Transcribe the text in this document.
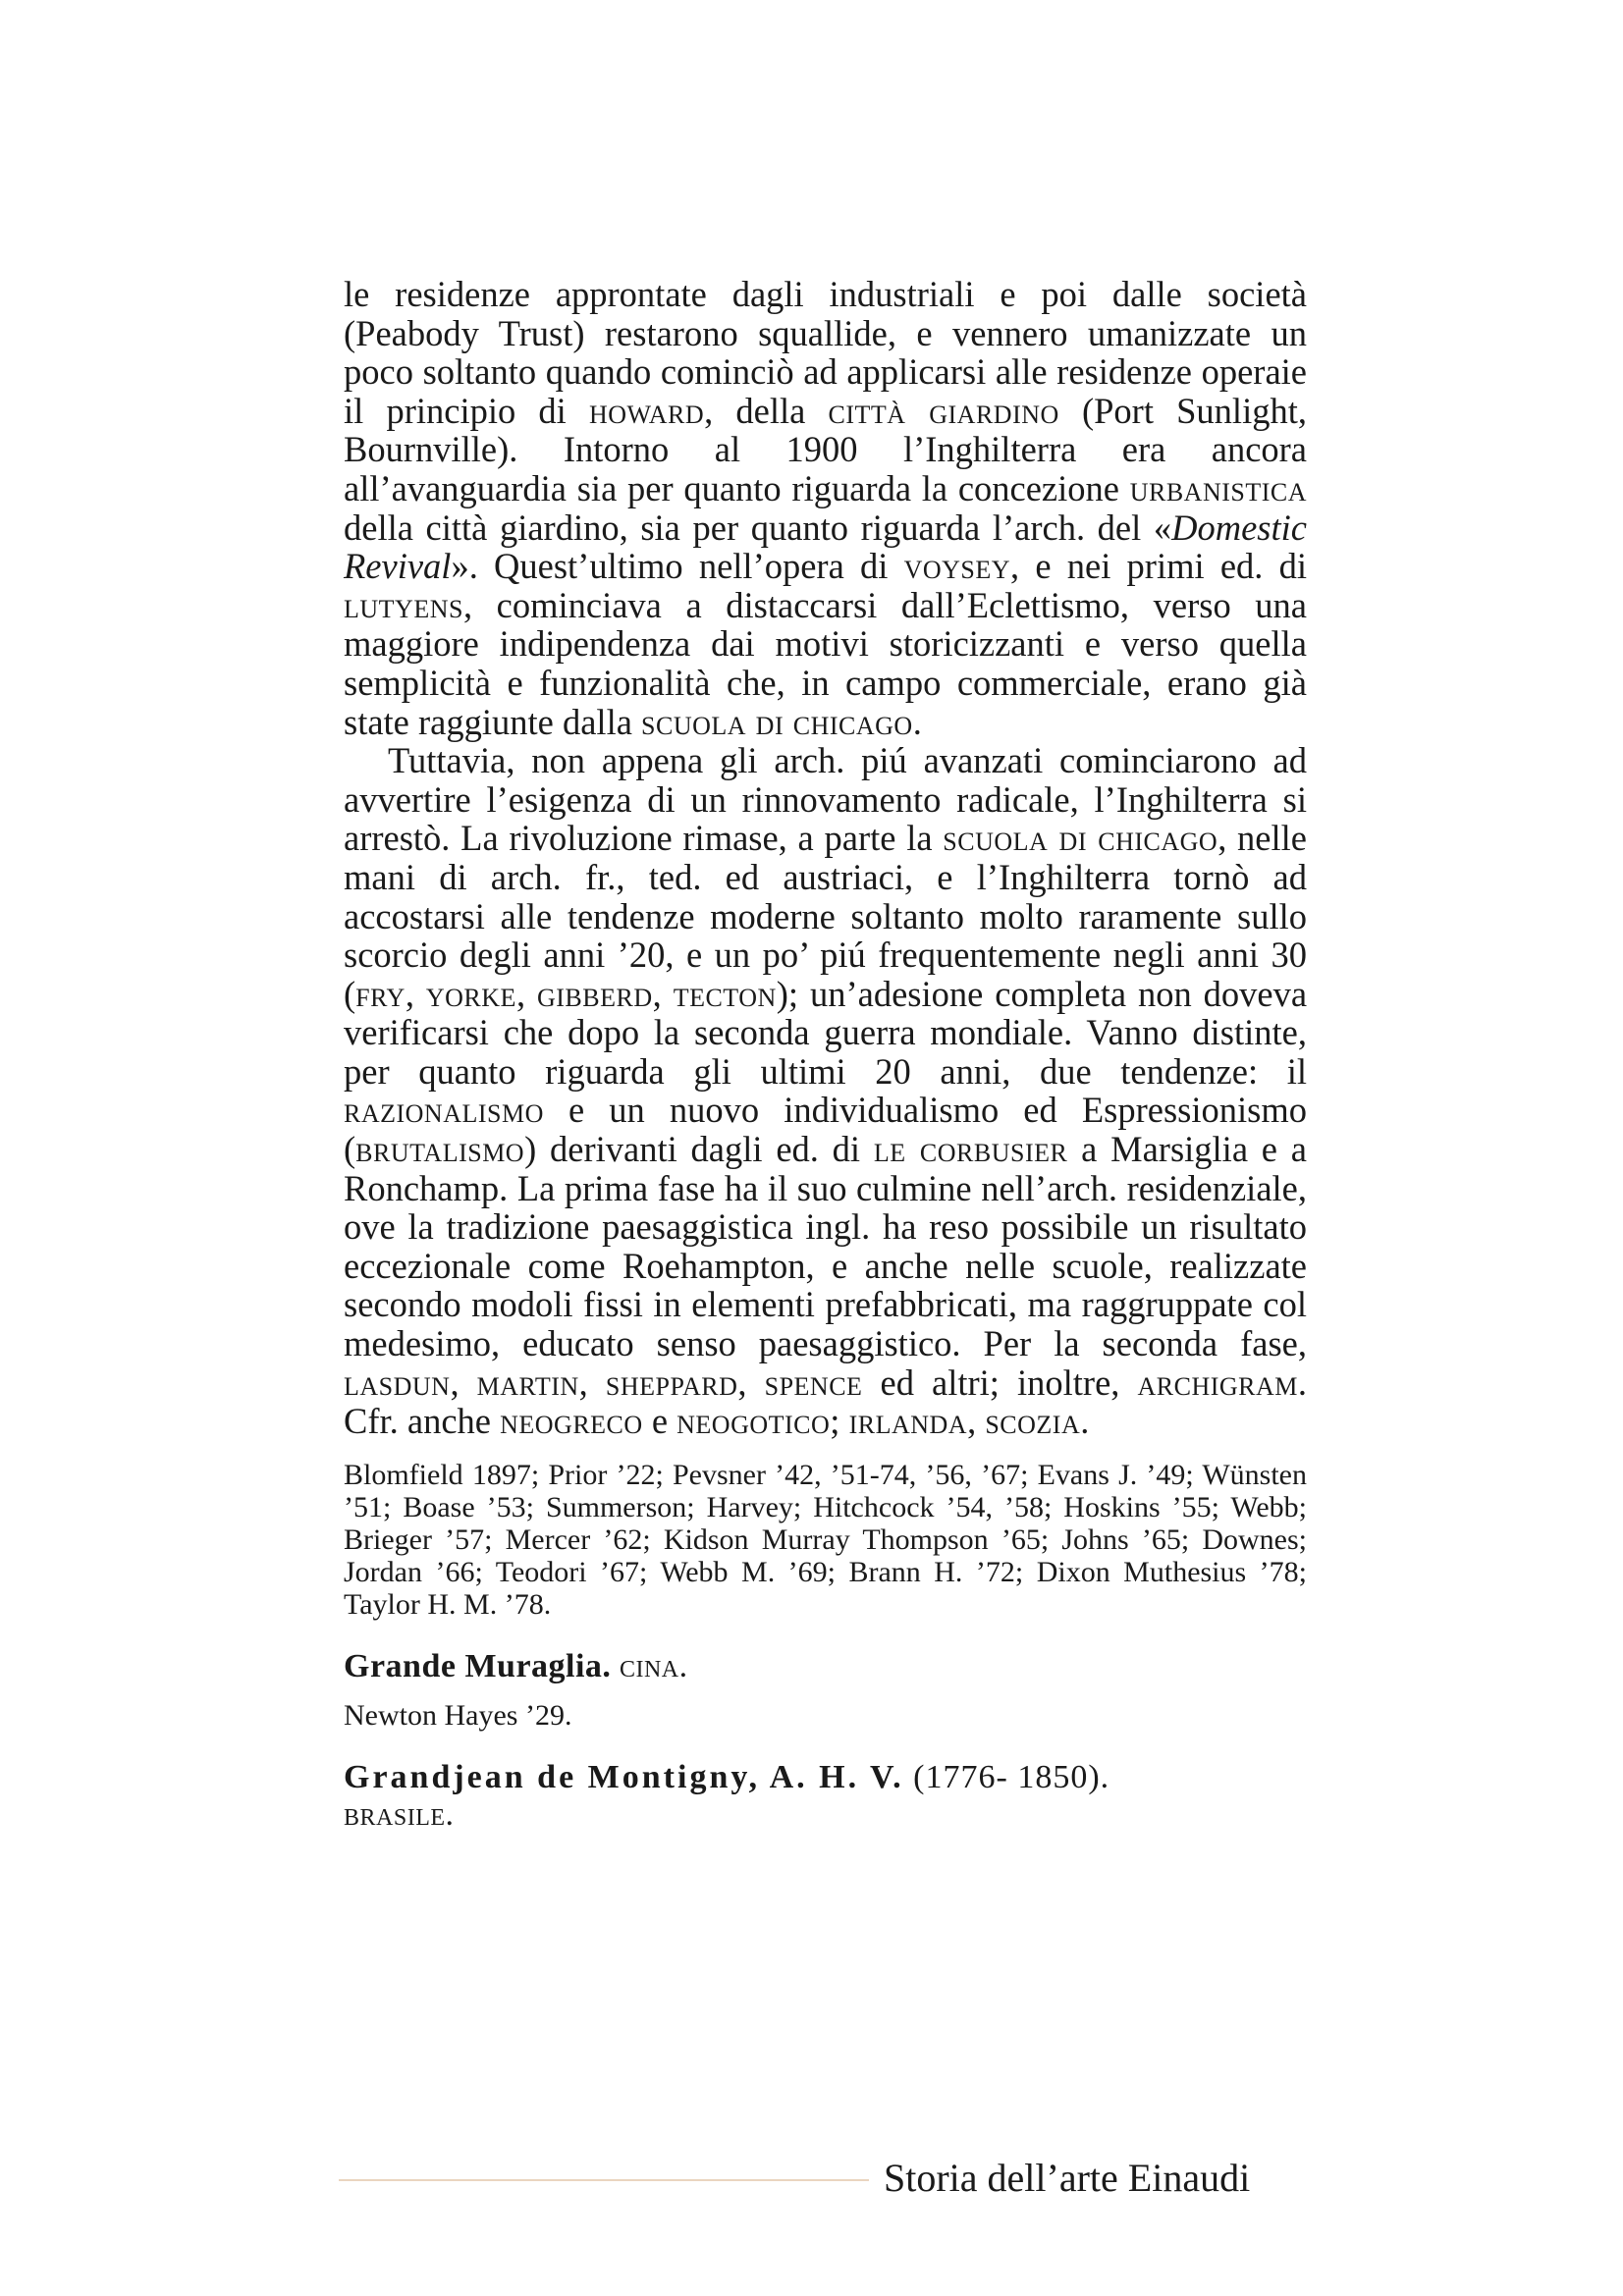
le residenze approntate dagli industriali e poi dalle società (Peabody Trust) restarono squallide, e vennero umanizzate un poco soltanto quando cominciò ad applicarsi alle residenze operaie il principio di howard, della città giardino (Port Sunlight, Bournville). Intorno al 1900 l’Inghilterra era ancora all’avanguardia sia per quanto riguarda la concezione urbanistica della città giardino, sia per quanto riguarda l’arch. del «Domestic Revival». Quest’ultimo nell’opera di voysey, e nei primi ed. di lutyens, cominciava a distaccarsi dall’Eclettismo, verso una maggiore indipendenza dai motivi storicizzanti e verso quella semplicità e funzionalità che, in campo commerciale, erano già state raggiunte dalla scuola di chicago.

Tuttavia, non appena gli arch. piú avanzati cominciarono ad avvertire l’esigenza di un rinnovamento radicale, l’Inghilterra si arrestò. La rivoluzione rimase, a parte la scuola di chicago, nelle mani di arch. fr., ted. ed austriaci, e l’Inghilterra tornò ad accostarsi alle tendenze moderne soltanto molto raramente sullo scorcio degli anni ’20, e un po’ piú frequentemente negli anni 30 (fry, yorke, gibberd, tecton); un’adesione completa non doveva verificarsi che dopo la seconda guerra mondiale. Vanno distinte, per quanto riguarda gli ultimi 20 anni, due tendenze: il razionalismo e un nuovo individualismo ed Espressionismo (brutalismo) derivanti dagli ed. di le corbusier a Marsiglia e a Ronchamp. La prima fase ha il suo culmine nell’arch. residenziale, ove la tradizione paesaggistica ingl. ha reso possibile un risultato eccezionale come Roehampton, e anche nelle scuole, realizzate secondo modoli fissi in elementi prefabbricati, ma raggruppate col medesimo, educato senso paesaggistico. Per la seconda fase, lasdun, martin, sheppard, spence ed altri; inoltre, archigram. Cfr. anche neogreco e neogotico; irlanda, scozia.

Blomfield 1897; Prior ’22; Pevsner ’42, ’51-74, ’56, ’67; Evans J. ’49; Wünsten ’51; Boase ’53; Summerson; Harvey; Hitchcock ’54, ’58; Hoskins ’55; Webb; Brieger ’57; Mercer ’62; Kidson Murray Thompson ’65; Johns ’65; Downes; Jordan ’66; Teodori ’67; Webb M. ’69; Brann H. ’72; Dixon Muthesius ’78; Taylor H. M. ’78.

Grande Muraglia. cina.

Newton Hayes ’29.

Grandjean de Montigny, A. H. V. (1776- 1850).
brasile.

Storia dell’arte Einaudi
